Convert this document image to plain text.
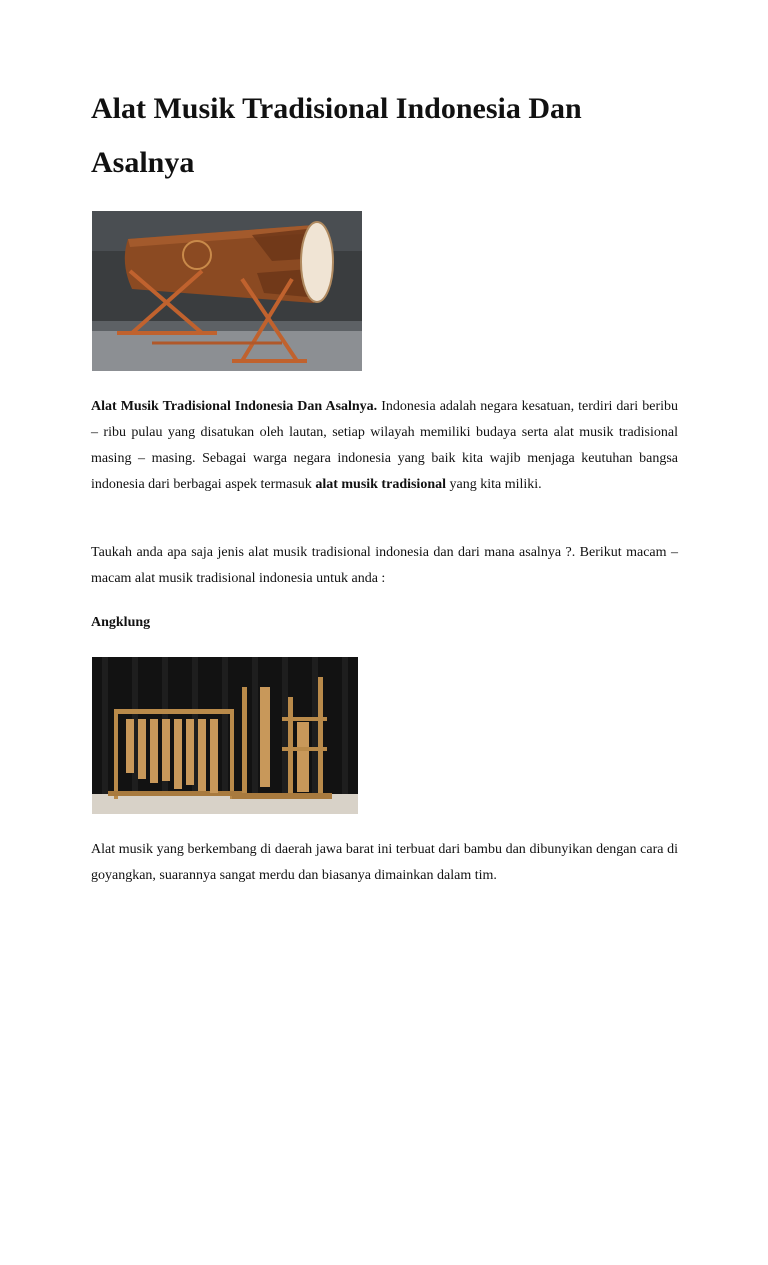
Alat Musik Tradisional Indonesia Dan Asalnya

Alat Musik Tradisional Indonesia Dan Asalnya. Indonesia adalah negara kesatuan, terdiri dari beribu – ribu pulau yang disatukan oleh lautan, setiap wilayah memiliki budaya serta alat musik tradisional masing – masing. Sebagai warga negara indonesia yang baik kita wajib menjaga keutuhan bangsa indonesia dari berbagai aspek termasuk alat musik tradisional yang kita miliki.

Taukah anda apa saja jenis alat musik tradisional indonesia dan dari mana asalnya ?. Berikut macam – macam alat musik tradisional indonesia untuk anda :

Angklung

Alat musik yang berkembang di daerah jawa barat ini terbuat dari bambu dan dibunyikan dengan cara di goyangkan, suarannya sangat merdu dan biasanya dimainkan dalam tim.
